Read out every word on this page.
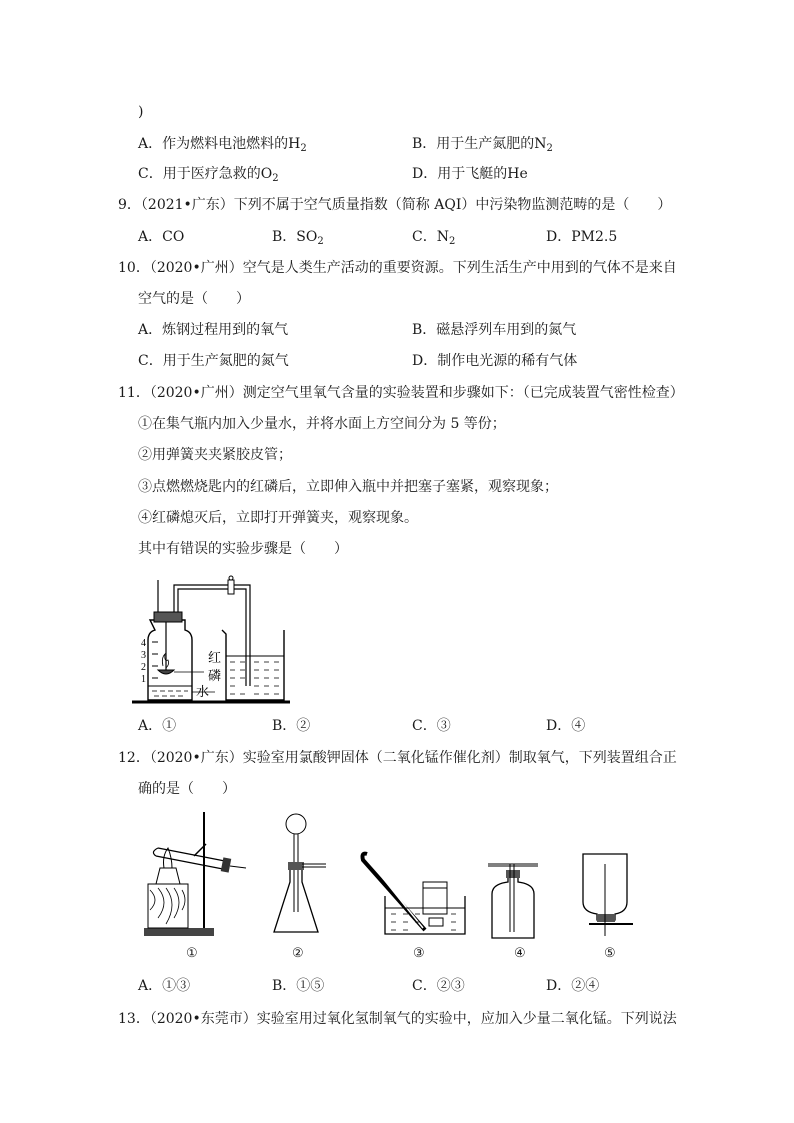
)
A．作为燃料电池燃料的$H_2$	B．用于生产氮肥的$N_2$
C．用于医疗急救的$O_2$	D．用于飞艇的He
9．（2021•广东）下列不属于空气质量指数（简称 AQI）中污染物监测范畴的是（　　）
A．CO	B．$SO_2$	C．$N_2$	D．PM2.5
10．（2020•广州）空气是人类生产活动的重要资源。下列生活生产中用到的气体不是来自
空气的是（　　）
A．炼钢过程用到的氧气	B．磁悬浮列车用到的氮气
C．用于生产氮肥的氮气	D．制作电光源的稀有气体
11．（2020•广州）测定空气里氧气含量的实验装置和步骤如下：（已完成装置气密性检查）
①在集气瓶内加入少量水，并将水面上方空间分为 5 等份；
②用弹簧夹夹紧胶皮管；
③点燃燃烧匙内的红磷后，立即伸入瓶中并把塞子塞紧，观察现象；
④红磷熄灭后，立即打开弹簧夹，观察现象。
其中有错误的实验步骤是（　　）
4
3
2
1
红
磷
水
A．①	B．②	C．③	D．④
12．（2020•广东）实验室用氯酸钾固体（二氧化锰作催化剂）制取氧气，下列装置组合正
确的是（　　）
①	②	③	④	⑤
A．①③	B．①⑤	C．②③	D．②④
13．（2020•东莞市）实验室用过氧化氢制氧气的实验中，应加入少量二氧化锰。下列说法
